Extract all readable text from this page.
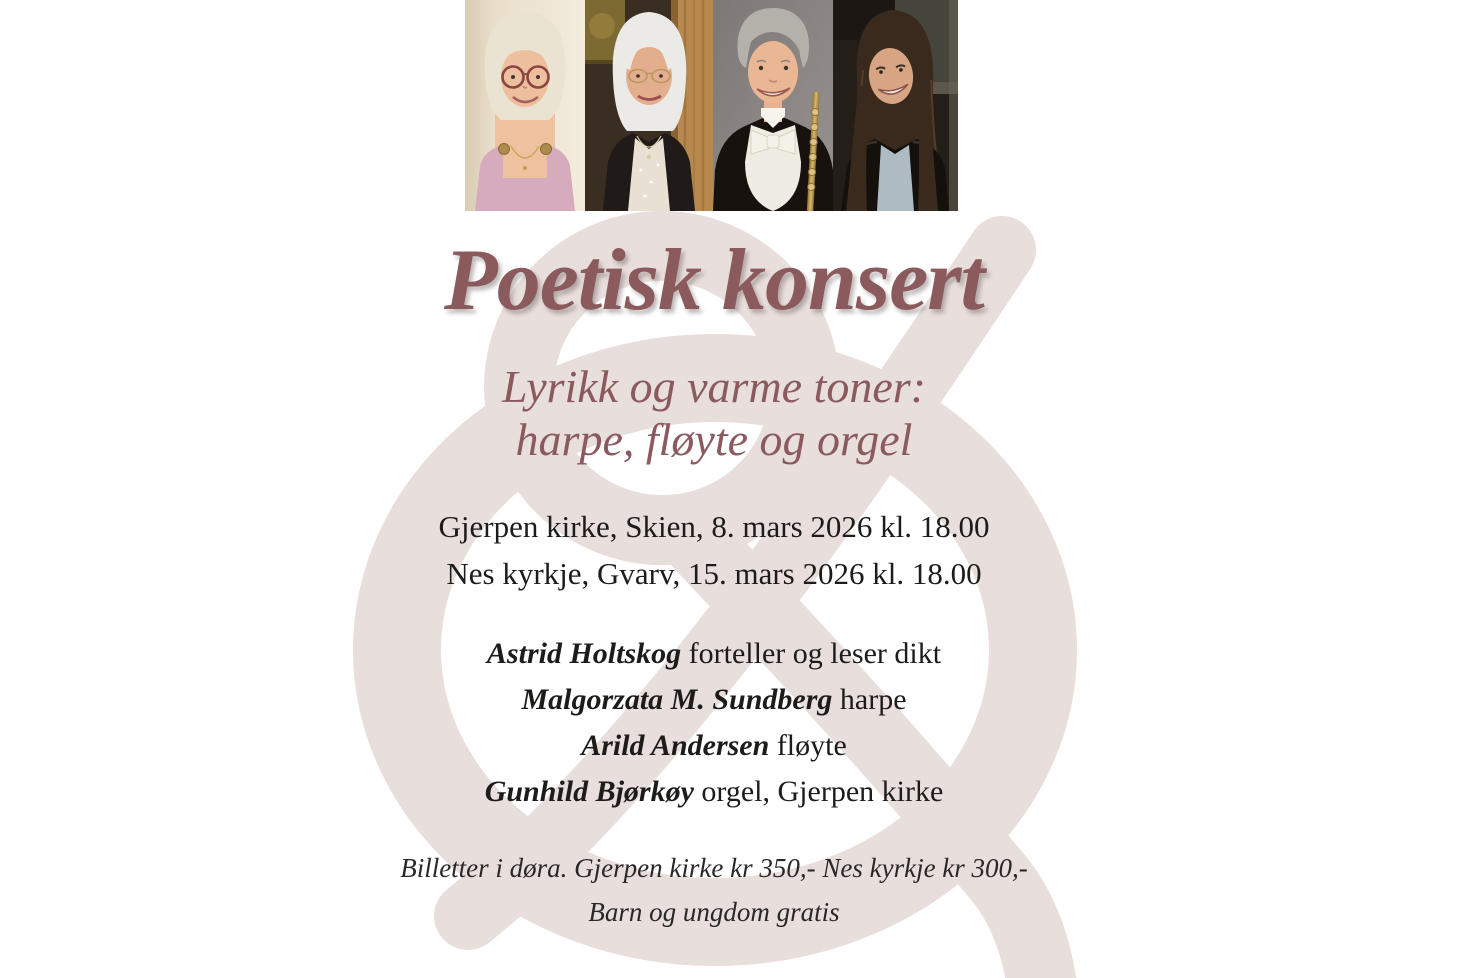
Poetisk konsert
Lyrikk og varme toner:
harpe, fløyte og orgel
Gjerpen kirke, Skien, 8. mars 2026 kl. 18.00
Nes kyrkje, Gvarv, 15. mars 2026 kl. 18.00
Astrid Holtskog forteller og leser dikt
Malgorzata M. Sundberg harpe
Arild Andersen fløyte
Gunhild Bjørkøy orgel, Gjerpen kirke
Billetter i døra. Gjerpen kirke kr 350,- Nes kyrkje kr 300,-
Barn og ungdom gratis
